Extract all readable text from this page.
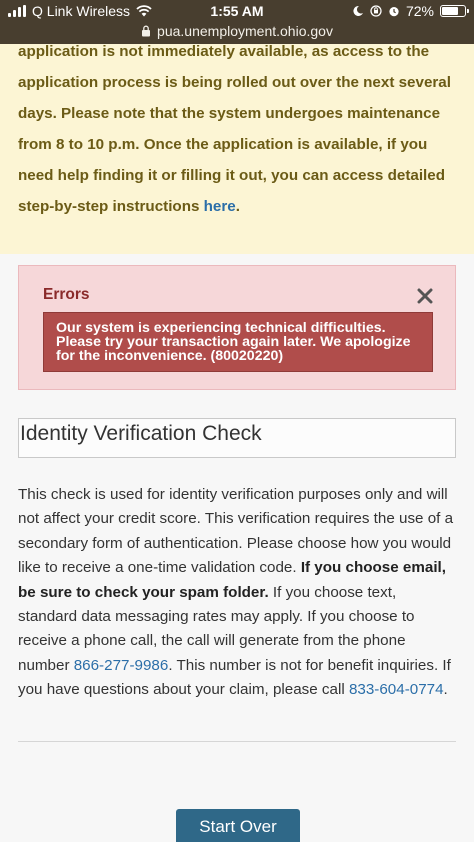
Q Link Wireless	1:55 AM	72%
pua.unemployment.ohio.gov

application is not immediately available, as access to the application process is being rolled out over the next several days. Please note that the system undergoes maintenance from 8 to 10 p.m. Once the application is available, if you need help finding it or filling it out, you can access detailed step-by-step instructions here.

Errors
Our system is experiencing technical difficulties. Please try your transaction again later. We apologize for the inconvenience. (80020220)
Identity Verification Check
This check is used for identity verification purposes only and will not affect your credit score. This verification requires the use of a secondary form of authentication. Please choose how you would like to receive a one-time validation code. If you choose email, be sure to check your spam folder. If you choose text, standard data messaging rates may apply. If you choose to receive a phone call, the call will generate from the phone number 866-277-9986. This number is not for benefit inquiries. If you have questions about your claim, please call 833-604-0774.
Start Over
